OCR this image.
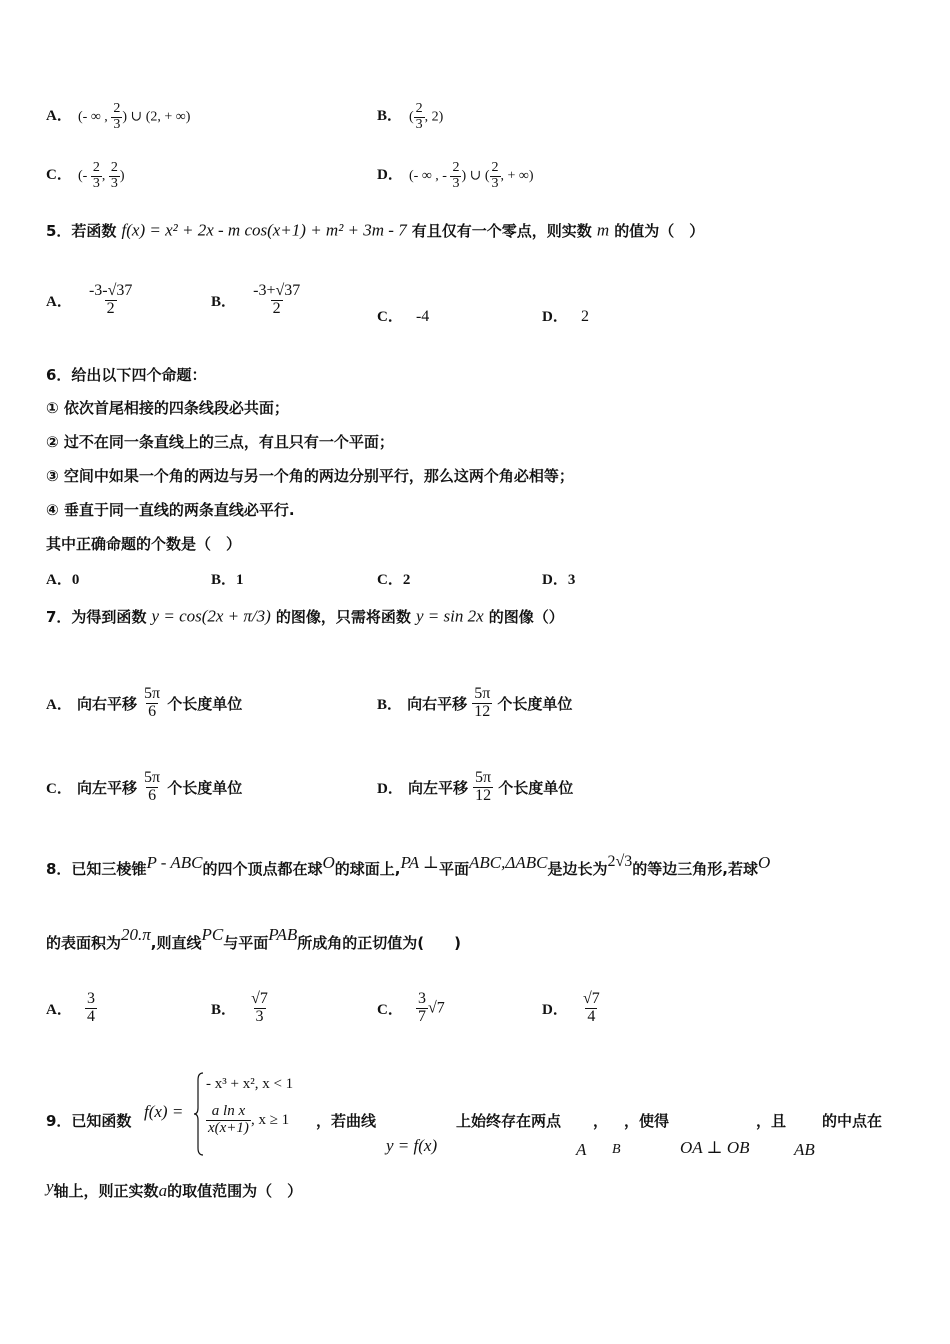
A． (- ∞ , $\frac{2}{3}$ ) ∪ (2, + ∞)	B． ( $\frac{2}{3}$ , 2)
C． (- $\frac{2}{3}$ , $\frac{2}{3}$ )	D． (- ∞ , - $\frac{2}{3}$ ) ∪ ( $\frac{2}{3}$ , + ∞)
5．若函数 f(x) = x² + 2x - m cos(x+1) + m² + 3m - 7 有且仅有一个零点，则实数 m 的值为（　）
A． $\frac{-3-√37}{2}$	B． $\frac{-3+√37}{2}$	C． -4	D． 2
6．给出以下四个命题：
① 依次首尾相接的四条线段必共面；
② 过不在同一条直线上的三点，有且只有一个平面；
③ 空间中如果一个角的两边与另一个角的两边分别平行，那么这两个角必相等；
④ 垂直于同一直线的两条直线必平行.
其中正确命题的个数是（　）
A．0	B．1	C．2	D．3
7．为得到函数 y = cos(2x + π/3) 的图像，只需将函数 y = sin 2x 的图像（）
A． 向右平移 $\frac{5\pi}{6}$ 个长度单位	B． 向右平移 $\frac{5\pi}{12}$ 个长度单位
C． 向左平移 $\frac{5\pi}{6}$ 个长度单位	D． 向左平移 $\frac{5\pi}{12}$ 个长度单位
8．已知三棱锥P - ABC的四个顶点都在球O的球面上,PA ⊥平面ABC,ΔABC是边长为2√3的等边三角形,若球O
的表面积为20.π,则直线PC与平面PAB所成角的正切值为(　　)
A． $\frac{3}{4}$	B． $\frac{√7}{3}$	C． $\frac{3}{7} √7$	D． $\frac{√7}{4}$
9．已知函数 f(x) =
- x³ + x², x < 1
$\frac{\text{a ln x}}{x(x+1)}$ , x ≥ 1 ，若曲线	上始终存在两点 ， ，使得	，且 的中点在
y = f(x)	A B	OA ⊥ OB	AB
y轴上，则正实数a的取值范围为（　）
